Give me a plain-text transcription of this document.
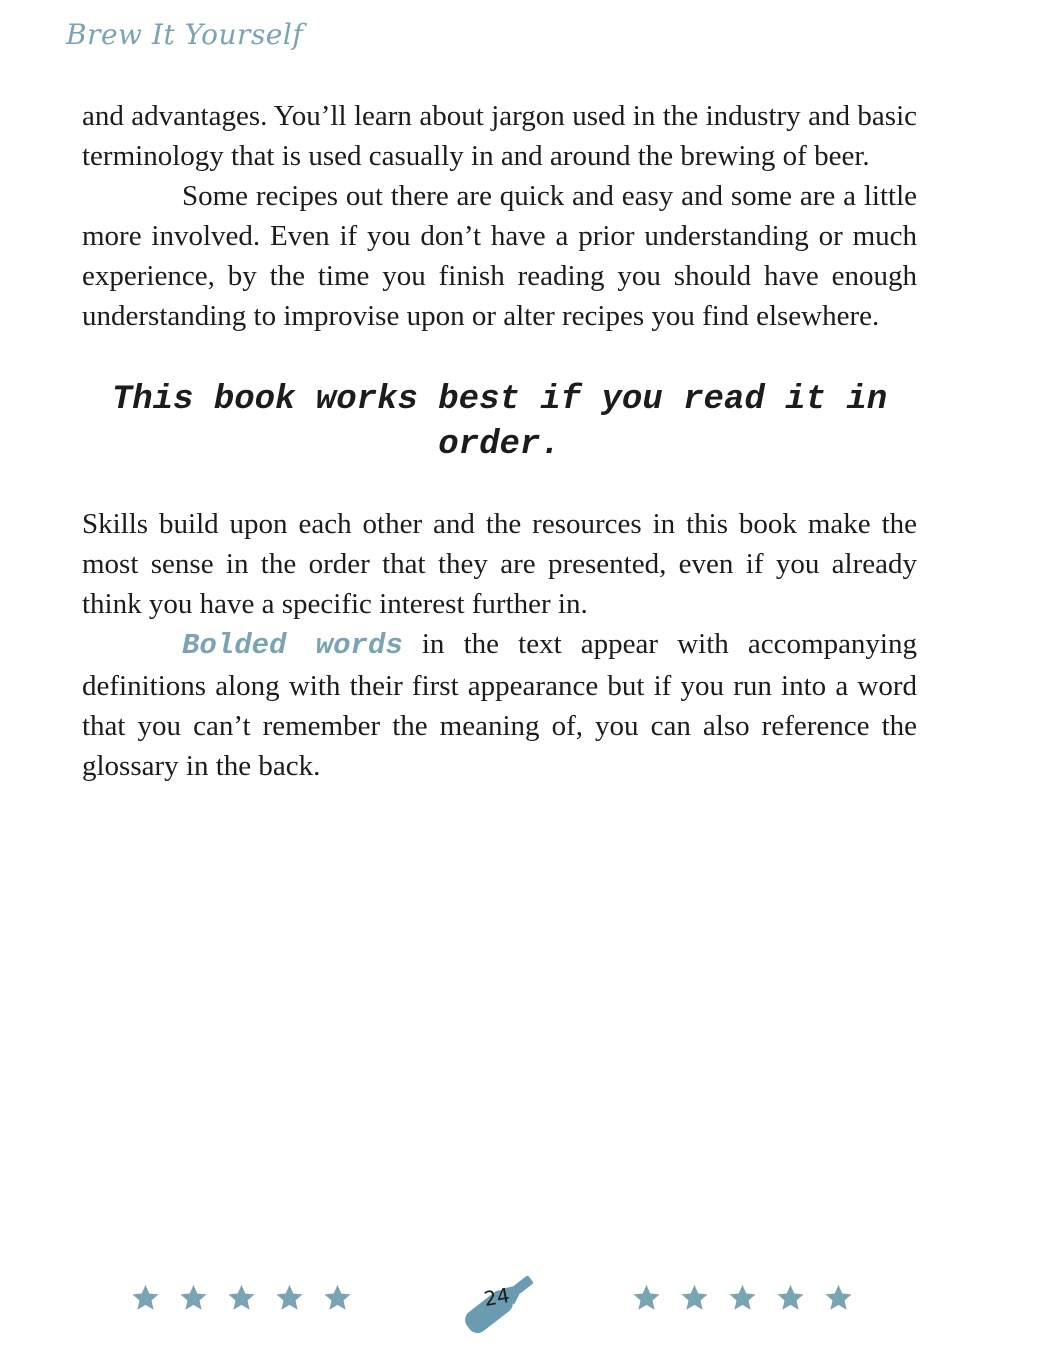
Brew It Yourself

and advantages. You’ll learn about jargon used in the industry and basic terminology that is used casually in and around the brewing of beer.

Some recipes out there are quick and easy and some are a little more involved. Even if you don’t have a prior understanding or much experience, by the time you finish reading you should have enough understanding to improvise upon or alter recipes you find elsewhere.

This book works best if you read it in order.

Skills build upon each other and the resources in this book make the most sense in the order that they are presented, even if you already think you have a specific interest further in.

Bolded words in the text appear with accompanying definitions along with their first appearance but if you run into a word that you can’t remember the meaning of, you can also reference the glossary in the back.

24
